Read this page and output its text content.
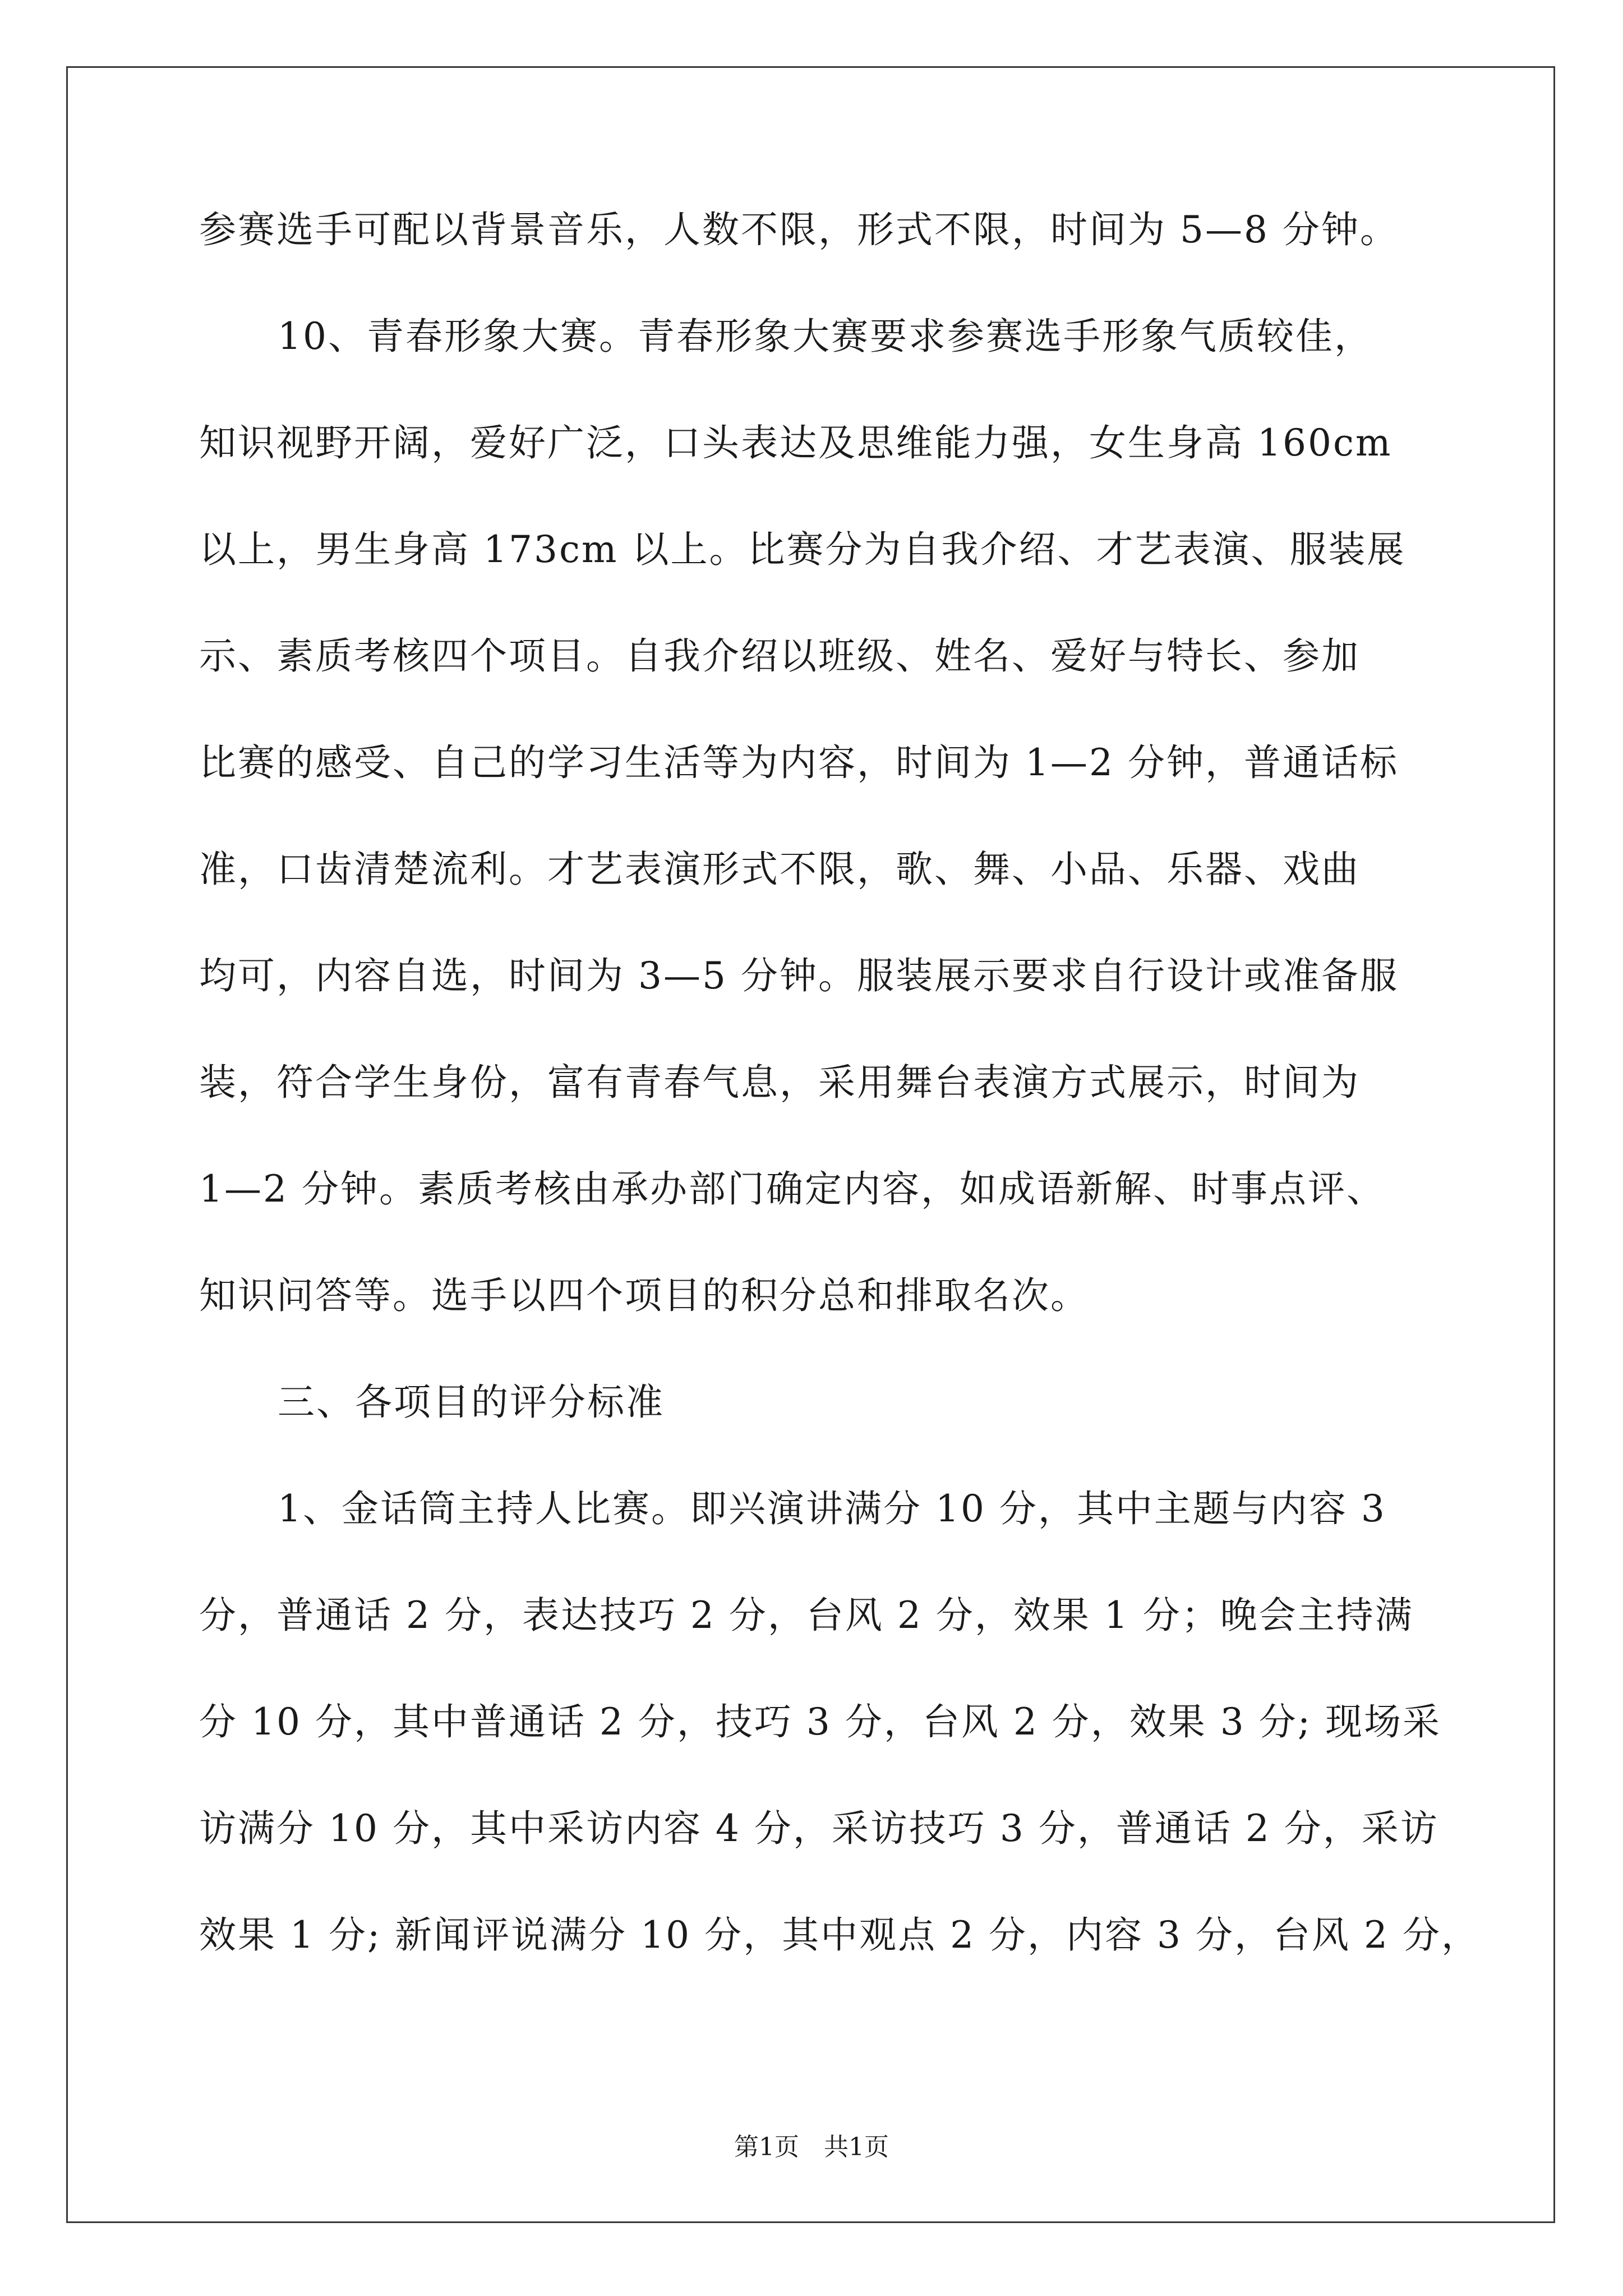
参赛选手可配以背景音乐，人数不限，形式不限，时间为 5—8 分钟。
10、青春形象大赛。青春形象大赛要求参赛选手形象气质较佳，
知识视野开阔，爱好广泛，口头表达及思维能力强，女生身高 160cm
以上，男生身高 173cm 以上。比赛分为自我介绍、才艺表演、服装展
示、素质考核四个项目。自我介绍以班级、姓名、爱好与特长、参加
比赛的感受、自己的学习生活等为内容，时间为 1—2 分钟，普通话标
准，口齿清楚流利。才艺表演形式不限，歌、舞、小品、乐器、戏曲
均可，内容自选，时间为 3—5 分钟。服装展示要求自行设计或准备服
装，符合学生身份，富有青春气息，采用舞台表演方式展示，时间为
1—2 分钟。素质考核由承办部门确定内容，如成语新解、时事点评、
知识问答等。选手以四个项目的积分总和排取名次。
三、各项目的评分标准
1、金话筒主持人比赛。即兴演讲满分 10 分，其中主题与内容 3
分，普通话 2 分，表达技巧 2 分，台风 2 分，效果 1 分；晚会主持满
分 10 分，其中普通话 2 分，技巧 3 分，台风 2 分，效果 3 分; 现场采
访满分 10 分，其中采访内容 4 分，采访技巧 3 分，普通话 2 分，采访
效果 1 分; 新闻评说满分 10 分，其中观点 2 分，内容 3 分，台风 2 分，
第1页　共1页
